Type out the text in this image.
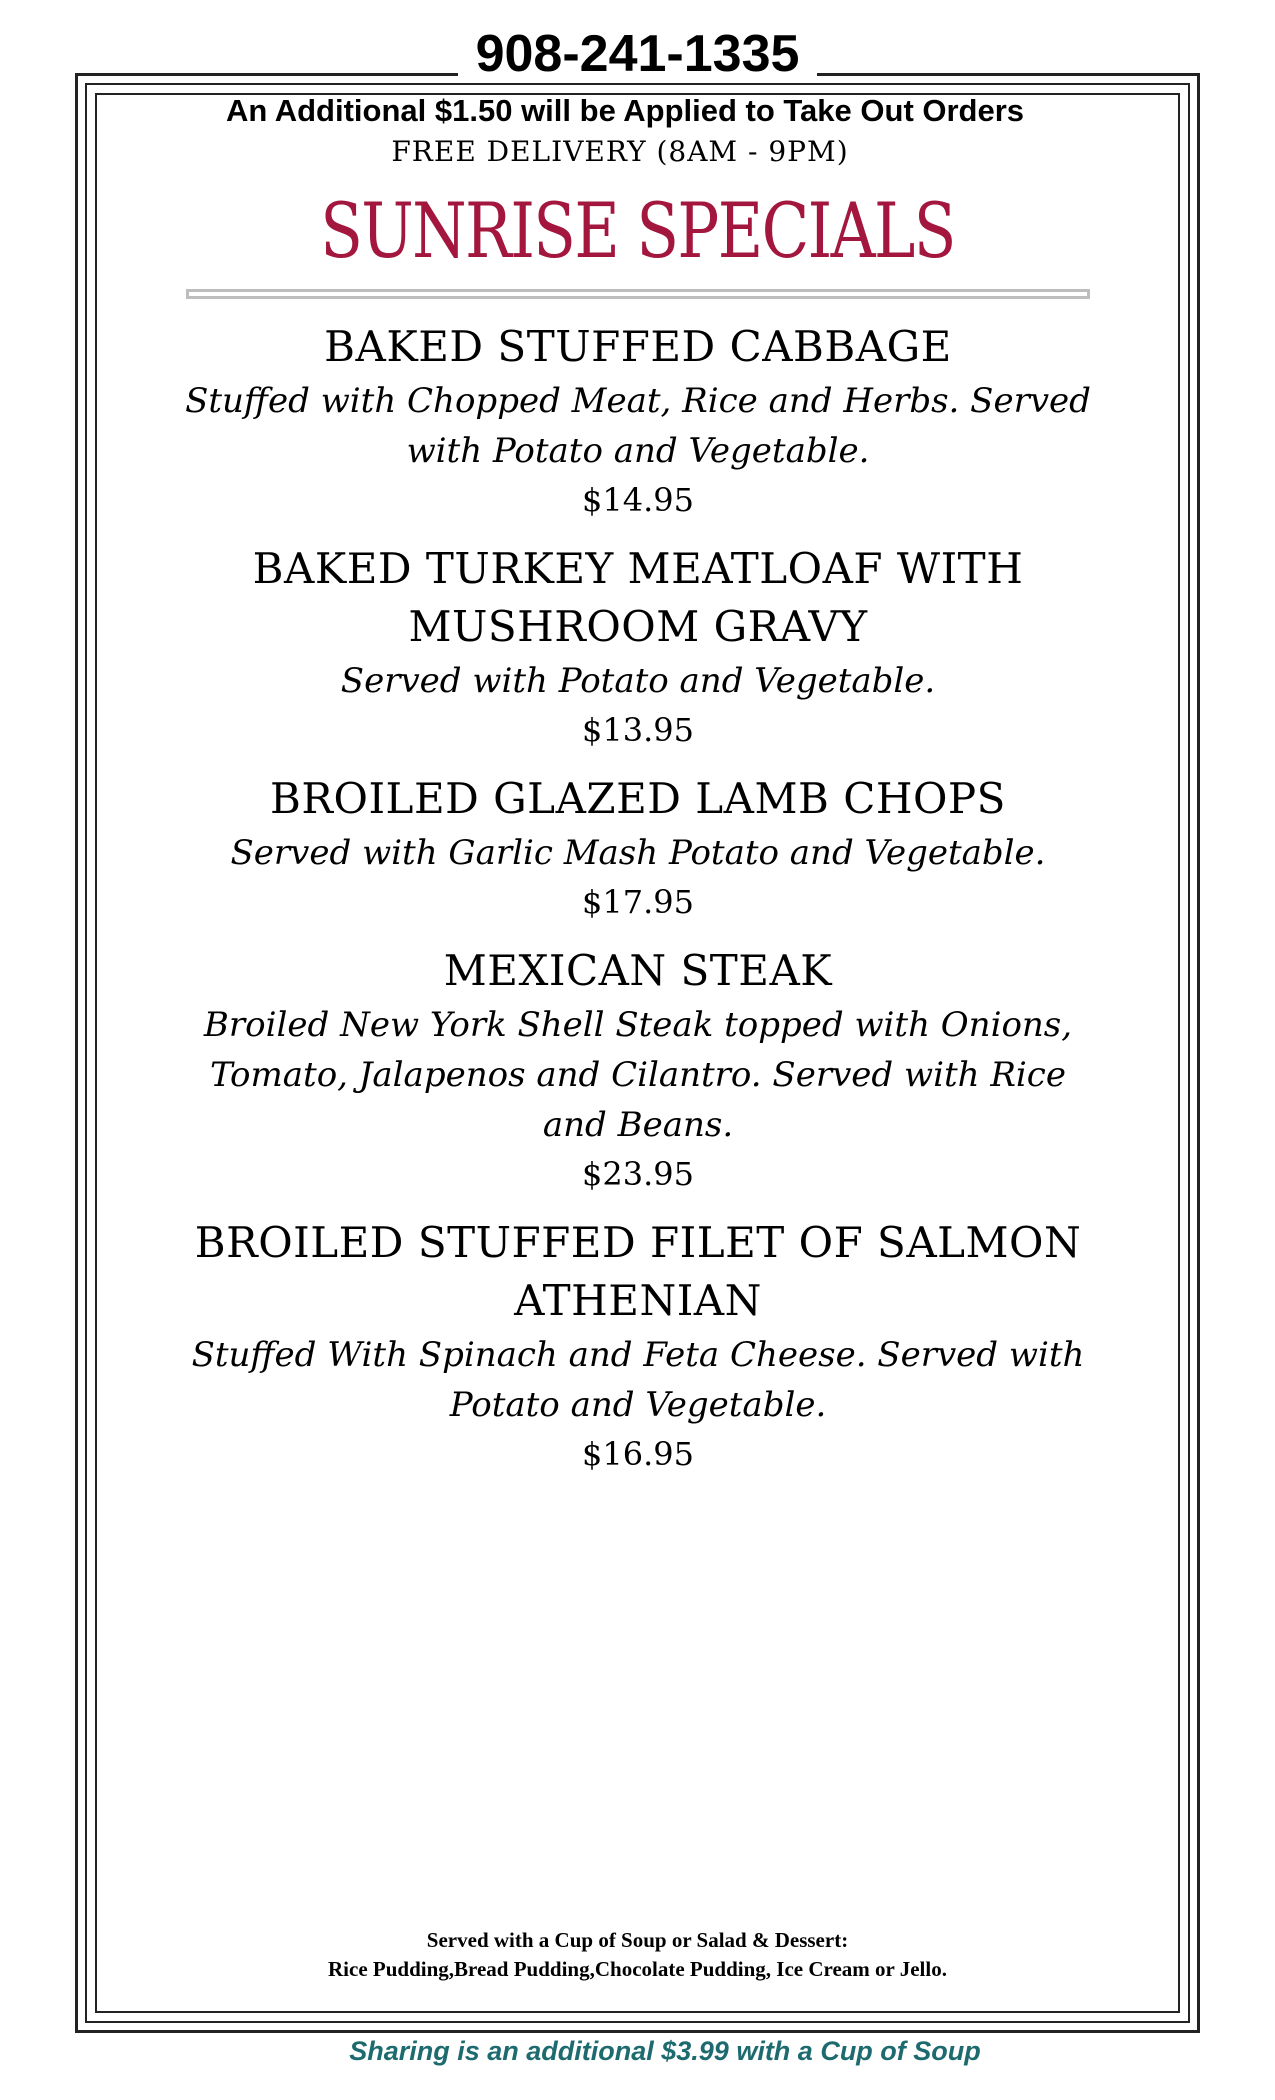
908-241-1335
An Additional $1.50 will be Applied to Take Out Orders
FREE DELIVERY (8AM - 9PM)
SUNRISE SPECIALS
BAKED STUFFED CABBAGE
Stuffed with Chopped Meat, Rice and Herbs. Served with Potato and Vegetable.
$14.95
BAKED TURKEY MEATLOAF WITH MUSHROOM GRAVY
Served with Potato and Vegetable.
$13.95
BROILED GLAZED LAMB CHOPS
Served with Garlic Mash Potato and Vegetable.
$17.95
MEXICAN STEAK
Broiled New York Shell Steak topped with Onions, Tomato, Jalapenos and Cilantro. Served with Rice and Beans.
$23.95
BROILED STUFFED FILET OF SALMON ATHENIAN
Stuffed With Spinach and Feta Cheese. Served with Potato and Vegetable.
$16.95
Served with a Cup of Soup or Salad & Dessert:
Rice Pudding,Bread Pudding,Chocolate Pudding, Ice Cream or Jello.
Sharing is an additional $3.99 with a Cup of Soup
